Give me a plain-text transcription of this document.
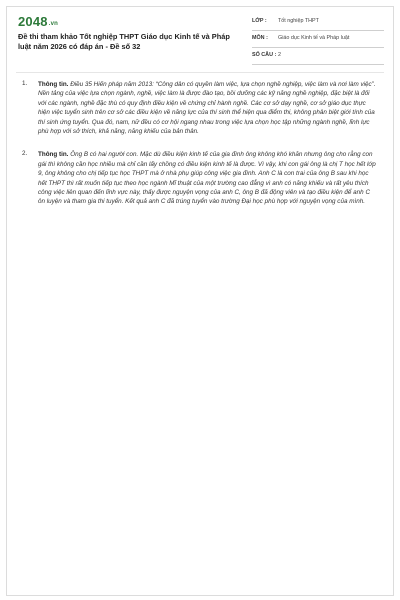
2048.vn
Đề thi tham khảo Tốt nghiệp THPT Giáo dục Kinh tế và Pháp luật năm 2026 có đáp án - Đề số 32
LỚP : Tốt nghiệp THPT
MÔN : Giáo dục Kinh tế và Pháp luật
SỐ CÂU : 2
1. Thông tin. Điều 35 Hiến pháp năm 2013: “Công dân có quyền làm việc, lựa chọn nghề nghiệp, việc làm và nơi làm việc”. Nền tảng của việc lựa chọn ngành, nghề, việc làm là được đào tạo, bồi dưỡng các kỹ năng nghề nghiệp, đặc biệt là đối với các ngành, nghề đặc thù có quy định điều kiện về chứng chỉ hành nghề. Các cơ sở dạy nghề, cơ sở giáo dục thực hiện việc tuyển sinh trên cơ sở các điều kiện về năng lực của thí sinh thể hiện qua điểm thi, không phân biệt giới tính của thí sinh ứng tuyển. Qua đó, nam, nữ đều có cơ hội ngang nhau trong việc lựa chọn học tập những ngành nghề, lĩnh lực phù hợp với sở thích, khả năng, năng khiếu của bản thân.
2. Thông tin. Ông B có hai người con. Mặc dù điều kiện kinh tế của gia đình ông không khó khăn nhưng ông cho rằng con gái thì không cần học nhiều mà chỉ cần lấy chồng có điều kiện kinh tế là được. Vì vậy, khi con gái ông là chị T học hết lớp 9, ông không cho chị tiếp tục học THPT mà ở nhà phụ giúp công việc gia đình. Anh C là con trai của ông B sau khi học hết THPT thì rất muốn tiếp tục theo học ngành Mĩ thuật của một trường cao đẳng vì anh có năng khiếu và rất yêu thích công việc liên quan đến lĩnh vực này, thấy được nguyện vọng của anh C, ông B đã động viên và tạo điều kiện để anh C ôn luyện và tham gia thi tuyển. Kết quả anh C đã trúng tuyển vào trường Đại học phù hợp với nguyện vọng của mình.
